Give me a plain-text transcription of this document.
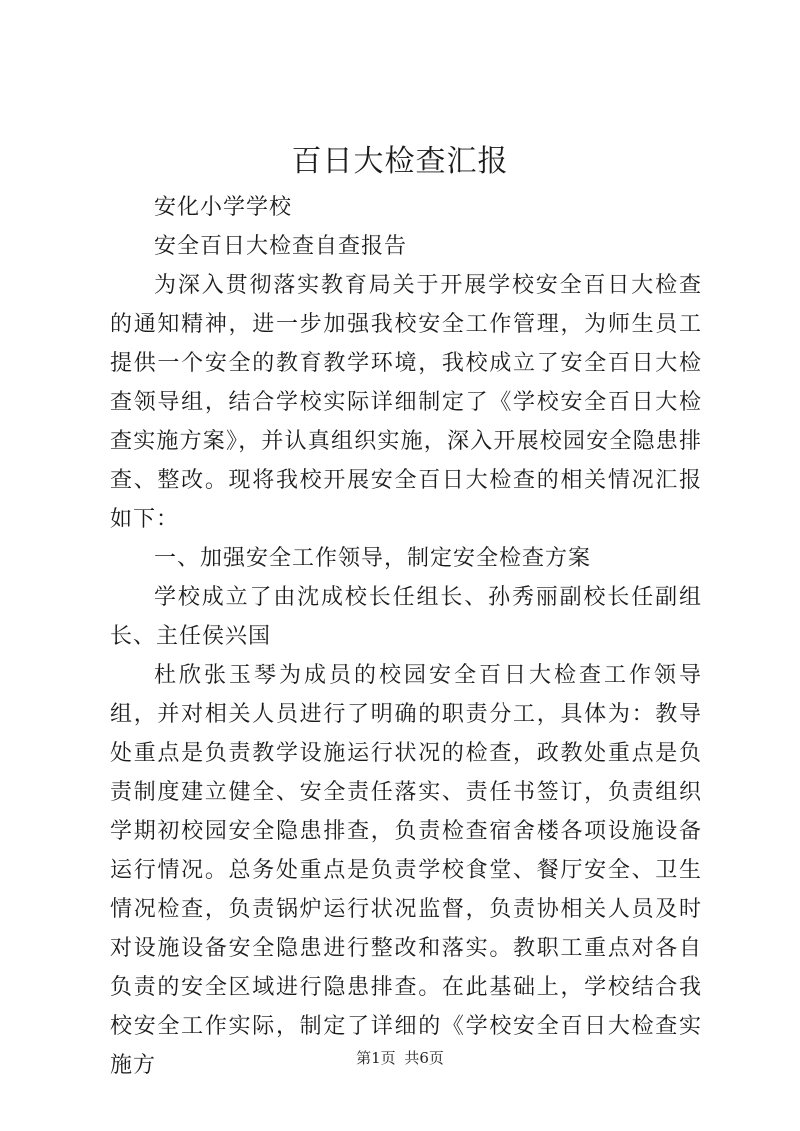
百日大检查汇报

安化小学学校

安全百日大检查自查报告

为深入贯彻落实教育局关于开展学校安全百日大检查的通知精神，进一步加强我校安全工作管理，为师生员工提供一个安全的教育教学环境，我校成立了安全百日大检查领导组，结合学校实际详细制定了《学校安全百日大检查实施方案》，并认真组织实施，深入开展校园安全隐患排查、整改。现将我校开展安全百日大检查的相关情况汇报如下：

一、加强安全工作领导，制定安全检查方案

学校成立了由沈成校长任组长、孙秀丽副校长任副组长、主任侯兴国

杜欣张玉琴为成员的校园安全百日大检查工作领导组，并对相关人员进行了明确的职责分工，具体为：教导处重点是负责教学设施运行状况的检查，政教处重点是负责制度建立健全、安全责任落实、责任书签订，负责组织学期初校园安全隐患排查，负责检查宿舍楼各项设施设备运行情况。总务处重点是负责学校食堂、餐厅安全、卫生情况检查，负责锅炉运行状况监督，负责协相关人员及时对设施设备安全隐患进行整改和落实。教职工重点对各自负责的安全区域进行隐患排查。在此基础上，学校结合我校安全工作实际，制定了详细的《学校安全百日大检查实施方	第1页 共6页
